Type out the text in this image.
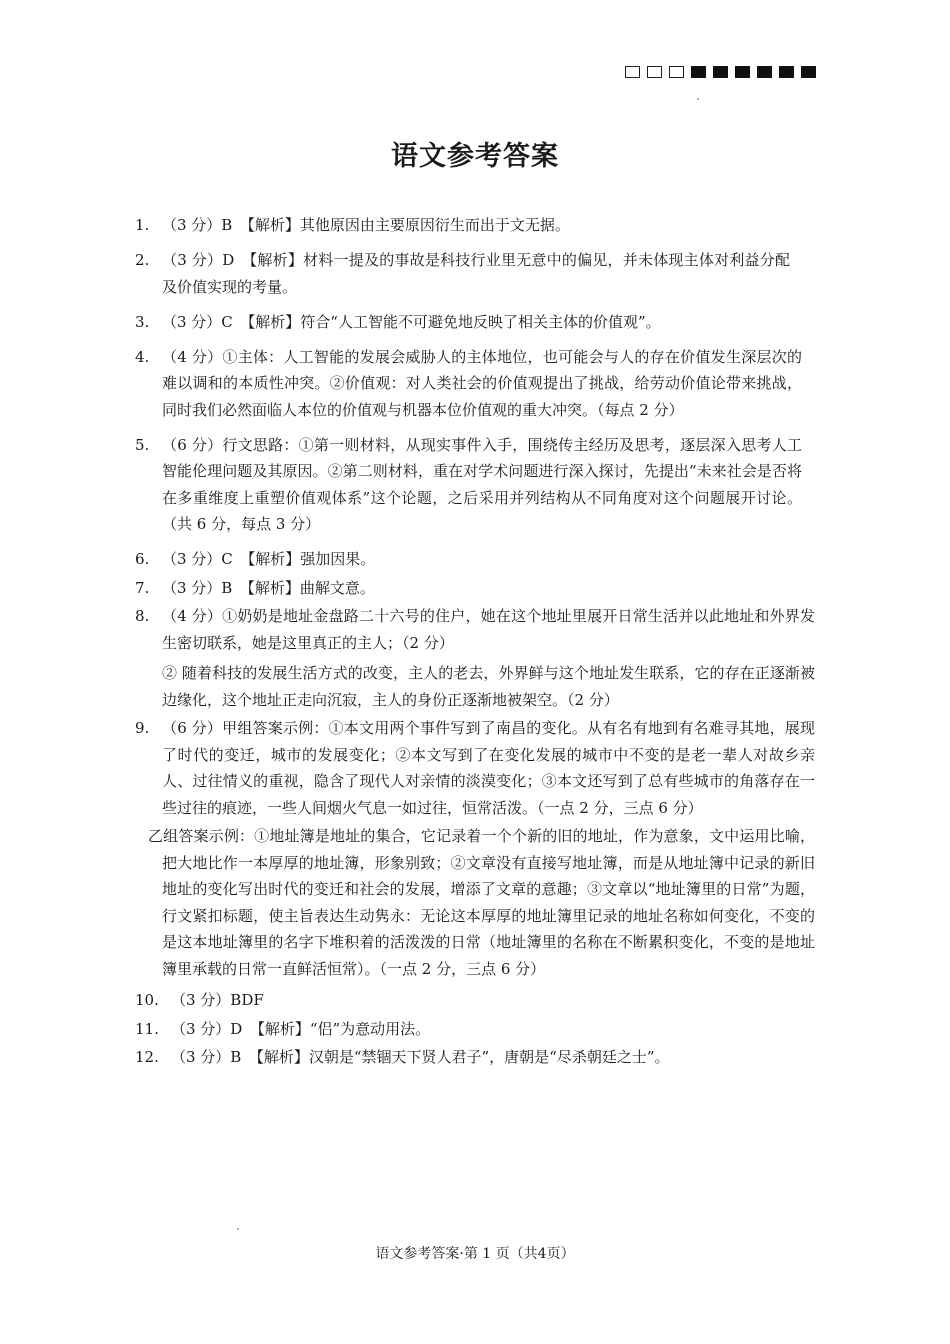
语文参考答案
1. （3 分）B　【解析】其他原因由主要原因衍生而出于文无据。
2. （3 分）D　【解析】材料一提及的事故是科技行业里无意中的偏见，并未体现主体对利益分配及价值实现的考量。
3. （3 分）C　【解析】符合“人工智能不可避免地反映了相关主体的价值观”。
4. （4 分）①主体：人工智能的发展会威胁人的主体地位，也可能会与人的存在价值发生深层次的难以调和的本质性冲突。②价值观：对人类社会的价值观提出了挑战，给劳动价值论带来挑战，同时我们必然面临人本位的价值观与机器本位价值观的重大冲突。（每点 2 分）
5. （6 分）行文思路：①第一则材料，从现实事件入手，围绕传主经历及思考，逐层深入思考人工智能伦理问题及其原因。②第二则材料，重在对学术问题进行深入探讨，先提出“未来社会是否将在多重维度上重塑价值观体系”这个论题，之后采用并列结构从不同角度对这个问题展开讨论。（共 6 分，每点 3 分）
6. （3 分）C　【解析】强加因果。
7. （3 分）B　【解析】曲解文意。
8. （4 分）①奶奶是地址金盘路二十六号的住户，她在这个地址里展开日常生活并以此地址和外界发生密切联系，她是这里真正的主人；（2 分）
② 随着科技的发展生活方式的改变，主人的老去，外界鲜与这个地址发生联系，它的存在正逐渐被边缘化，这个地址正走向沉寂，主人的身份正逐渐地被架空。（2 分）
9. （6 分）甲组答案示例：①本文用两个事件写到了南昌的变化。从有名有地到有名难寻其地，展现了时代的变迁，城市的发展变化；②本文写到了在变化发展的城市中不变的是老一辈人对故乡亲人、过往情义的重视，隐含了现代人对亲情的淡漠变化；③本文还写到了总有些城市的角落存在一些过往的痕迹，一些人间烟火气息一如过往，恒常活泼。（一点 2 分，三点 6 分）
乙组答案示例：①地址簿是地址的集合，它记录着一个个新的旧的地址，作为意象，文中运用比喻，把大地比作一本厚厚的地址簿，形象别致；②文章没有直接写地址簿，而是从地址簿中记录的新旧地址的变化写出时代的变迁和社会的发展，增添了文章的意趣；③文章以“地址簿里的日常”为题，行文紧扣标题，使主旨表达生动隽永：无论这本厚厚的地址簿里记录的地址名称如何变化，不变的是这本地址簿里的名字下堆积着的活泼泼的日常（地址簿里的名称在不断累积变化，不变的是地址簿里承载的日常一直鲜活恒常）。（一点 2 分，三点 6 分）
10. （3 分）BDF
11. （3 分）D　【解析】“侣”为意动用法。
12. （3 分）B　【解析】汉朝是“禁锢天下贤人君子”，唐朝是“尽杀朝廷之士”。
语文参考答案·第 1 页（共4页）
